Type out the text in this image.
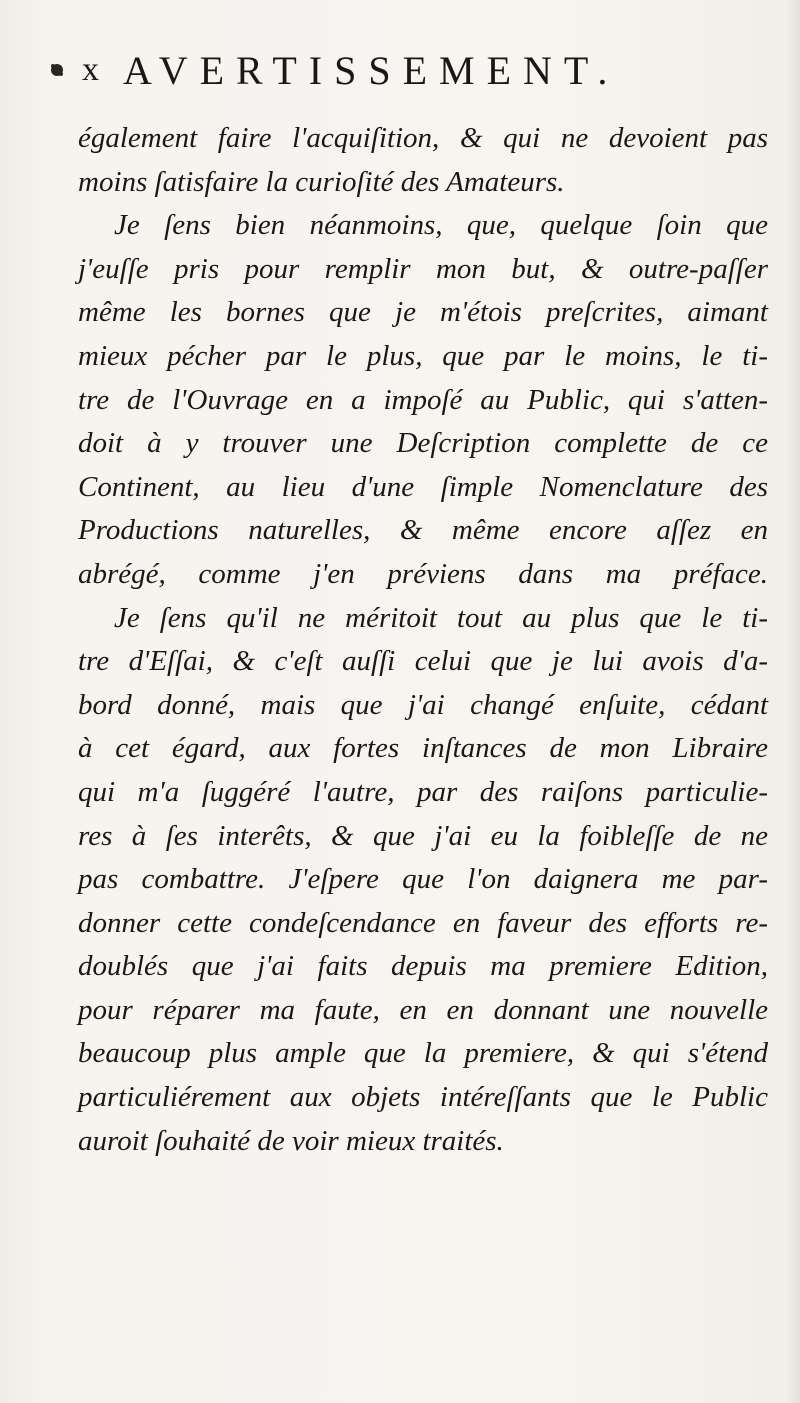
x AVERTISSEMENT.
également faire l'acquiſition, & qui ne devoient pas
moins ſatisfaire la curioſité des Amateurs.
Je ſens bien néanmoins, que, quelque ſoin que
j'euſſe pris pour remplir mon but, & outre-paſſer
même les bornes que je m'étois preſcrites, aimant
mieux pécher par le plus, que par le moins, le ti-
tre de l'Ouvrage en a impoſé au Public, qui s'atten-
doit à y trouver une Deſcription complette de ce
Continent, au lieu d'une ſimple Nomenclature des
Productions naturelles, & même encore aſſez en
abrégé, comme j'en préviens dans ma préface.
Je ſens qu'il ne méritoit tout au plus que le ti-
tre d'Eſſai, & c'eſt auſſi celui que je lui avois d'a-
bord donné, mais que j'ai changé enſuite, cédant
à cet égard, aux fortes inſtances de mon Libraire
qui m'a ſuggéré l'autre, par des raiſons particulie-
res à ſes interêts, & que j'ai eu la foibleſſe de ne
pas combattre. J'eſpere que l'on daignera me par-
donner cette condeſcendance en faveur des efforts re-
doublés que j'ai faits depuis ma premiere Edition,
pour réparer ma faute, en en donnant une nouvelle
beaucoup plus ample que la premiere, & qui s'étend
particuliérement aux objets intéreſſants que le Public
auroit ſouhaité de voir mieux traités.
